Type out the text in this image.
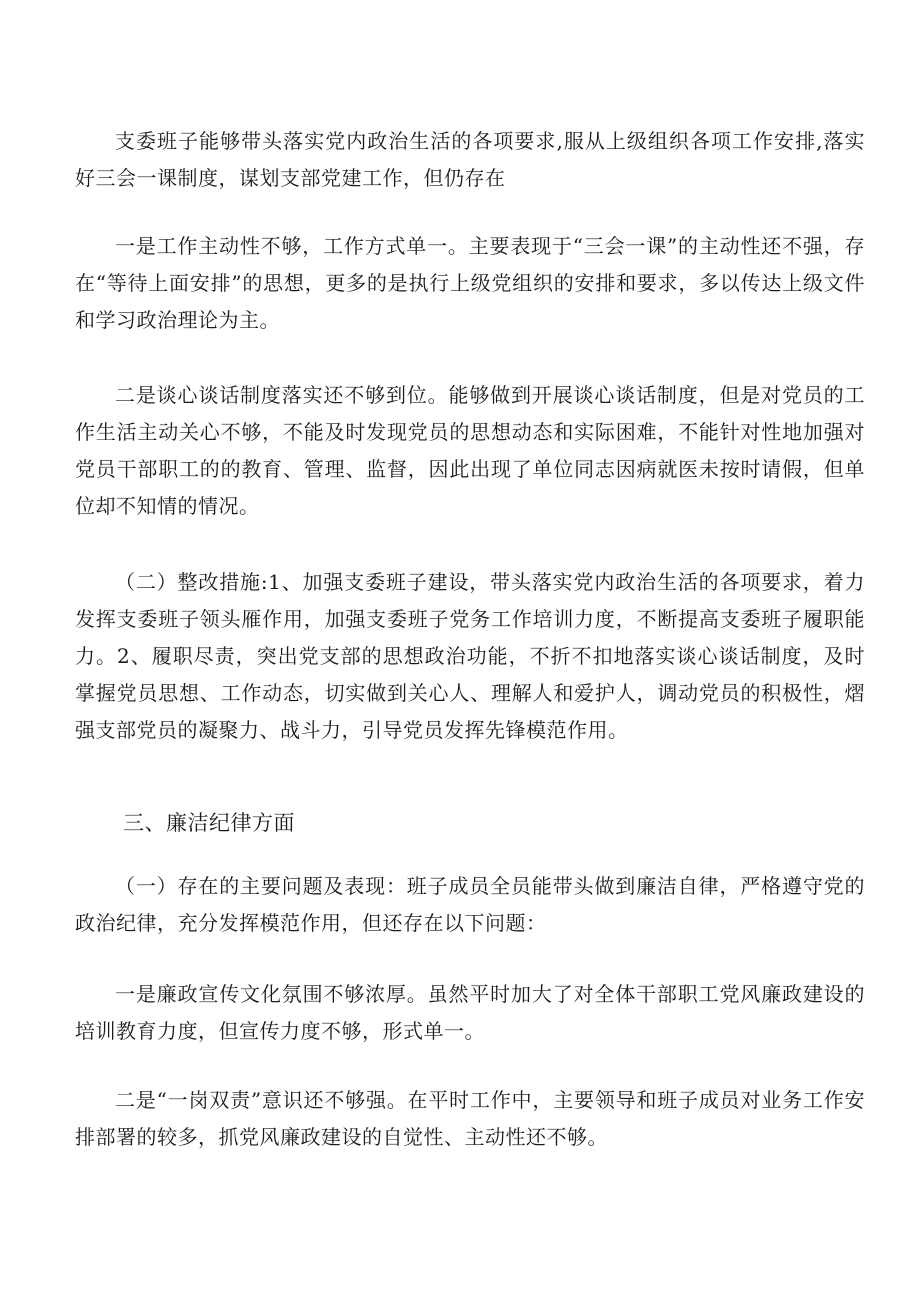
支委班子能够带头落实党内政治生活的各项要求,服从上级组织各项工作安排,落实好三会一课制度，谋划支部党建工作，但仍存在

一是工作主动性不够，工作方式单一。主要表现于“三会一课”的主动性还不强，存在“等待上面安排”的思想，更多的是执行上级党组织的安排和要求，多以传达上级文件和学习政治理论为主。

二是谈心谈话制度落实还不够到位。能够做到开展谈心谈话制度，但是对党员的工作生活主动关心不够，不能及时发现党员的思想动态和实际困难，不能针对性地加强对党员干部职工的的教育、管理、监督，因此出现了单位同志因病就医未按时请假，但单位却不知情的情况。

（二）整改措施:1、加强支委班子建设，带头落实党内政治生活的各项要求，着力发挥支委班子领头雁作用，加强支委班子党务工作培训力度，不断提高支委班子履职能力。2、履职尽责，突出党支部的思想政治功能，不折不扣地落实谈心谈话制度，及时掌握党员思想、工作动态，切实做到关心人、理解人和爱护人，调动党员的积极性，熠强支部党员的凝聚力、战斗力，引导党员发挥先锋模范作用。

三、廉洁纪律方面

（一）存在的主要问题及表现：班子成员全员能带头做到廉洁自律，严格遵守党的政治纪律，充分发挥模范作用，但还存在以下问题：

一是廉政宣传文化氛围不够浓厚。虽然平时加大了对全体干部职工党风廉政建设的培训教育力度，但宣传力度不够，形式单一。

二是“一岗双责”意识还不够强。在平时工作中，主要领导和班子成员对业务工作安排部署的较多，抓党风廉政建设的自觉性、主动性还不够。
